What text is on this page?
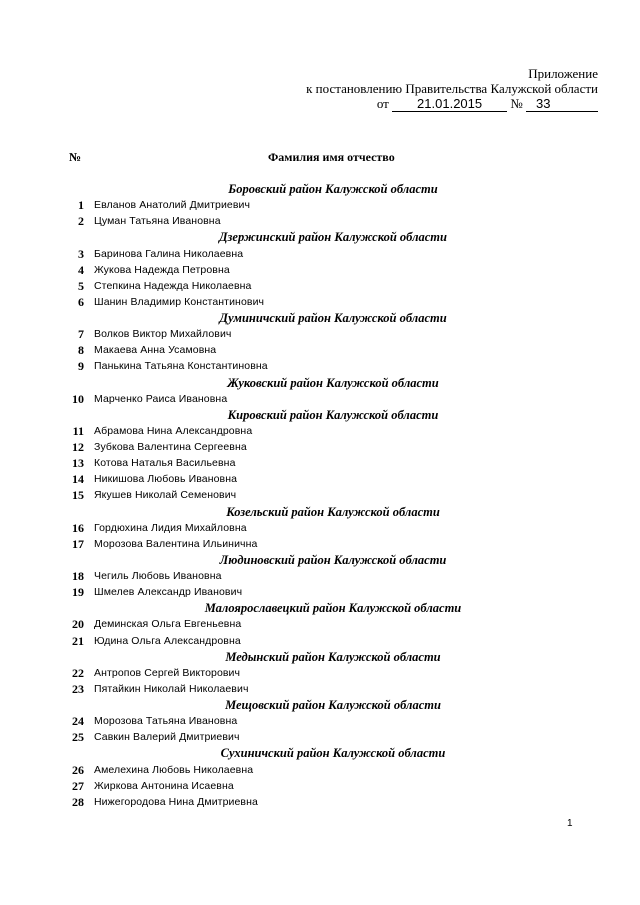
Приложение
к постановлению Правительства Калужской области
от 21.01.2015 № 33
№	Фамилия имя отчество
Боровский район Калужской области
1 Евланов Анатолий Дмитриевич
2 Цуман Татьяна Ивановна
Дзержинский район Калужской области
3 Баринова Галина Николаевна
4 Жукова Надежда Петровна
5 Степкина Надежда Николаевна
6 Шанин Владимир Константинович
Думиничский район Калужской области
7 Волков Виктор Михайлович
8 Макаева Анна Усамовна
9 Панькина Татьяна Константиновна
Жуковский район Калужской области
10 Марченко Раиса Ивановна
Кировский район Калужской области
11 Абрамова Нина Александровна
12 Зубкова Валентина Сергеевна
13 Котова Наталья Васильевна
14 Никишова Любовь Ивановна
15 Якушев Николай Семенович
Козельский район Калужской области
16 Гордюхина Лидия Михайловна
17 Морозова Валентина Ильинична
Людиновский район Калужской области
18 Чегиль Любовь Ивановна
19 Шмелев Александр Иванович
Малоярославецкий район Калужской области
20 Деминская Ольга Евгеньевна
21 Юдина Ольга Александровна
Медынский район Калужской области
22 Антропов Сергей Викторович
23 Пятайкин Николай Николаевич
Мещовский район Калужской области
24 Морозова Татьяна Ивановна
25 Савкин Валерий Дмитриевич
Сухиничский район Калужской области
26 Амелехина Любовь Николаевна
27 Жиркова Антонина Исаевна
28 Нижегородова Нина Дмитриевна
1
